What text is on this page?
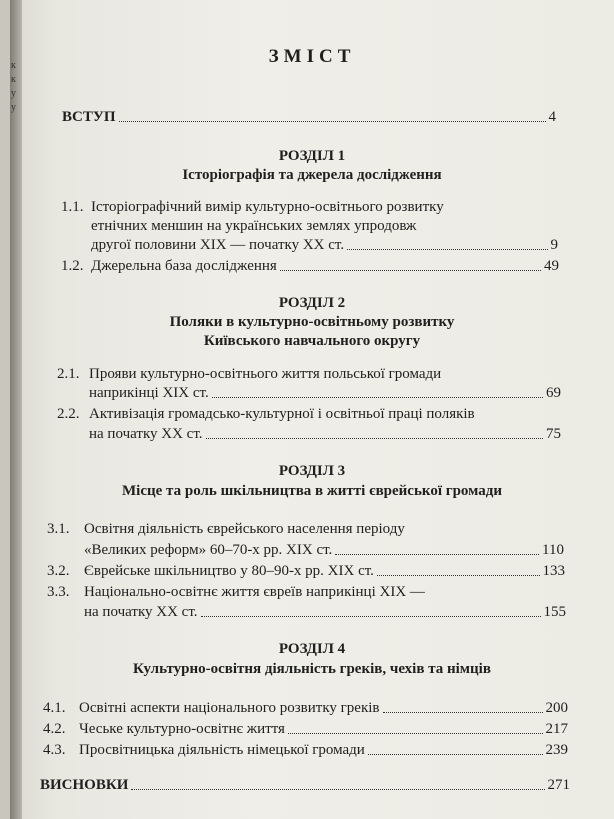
к
к
у
у
ЗМІСТ
ВСТУП	4
РОЗДІЛ 1
Історіографія та джерела дослідження
1.1. Історіографічний вимір культурно-освітнього розвитку
етнічних меншин на українських землях упродовж
другої половини XIX — початку XX ст.	9
1.2. Джерельна база дослідження	49
РОЗДІЛ 2
Поляки в культурно-освітньому розвитку
Київського навчального округу
2.1. Прояви культурно-освітнього життя польської громади
наприкінці XIX ст.	69
2.2. Активізація громадсько-культурної і освітньої праці поляків
на початку XX ст.	75
РОЗДІЛ 3
Місце та роль шкільництва в житті єврейської громади
3.1. Освітня діяльність єврейського населення періоду
«Великих реформ» 60–70-х рр. XIX ст.	110
3.2. Єврейське шкільництво у 80–90-х рр. XIX ст.	133
3.3. Національно-освітнє життя євреїв наприкінці XIX —
на початку XX ст.	155
РОЗДІЛ 4
Культурно-освітня діяльність греків, чехів та німців
4.1. Освітні аспекти національного розвитку греків	200
4.2. Чеське культурно-освітнє життя	217
4.3. Просвітницька діяльність німецької громади	239
ВИСНОВКИ	271
